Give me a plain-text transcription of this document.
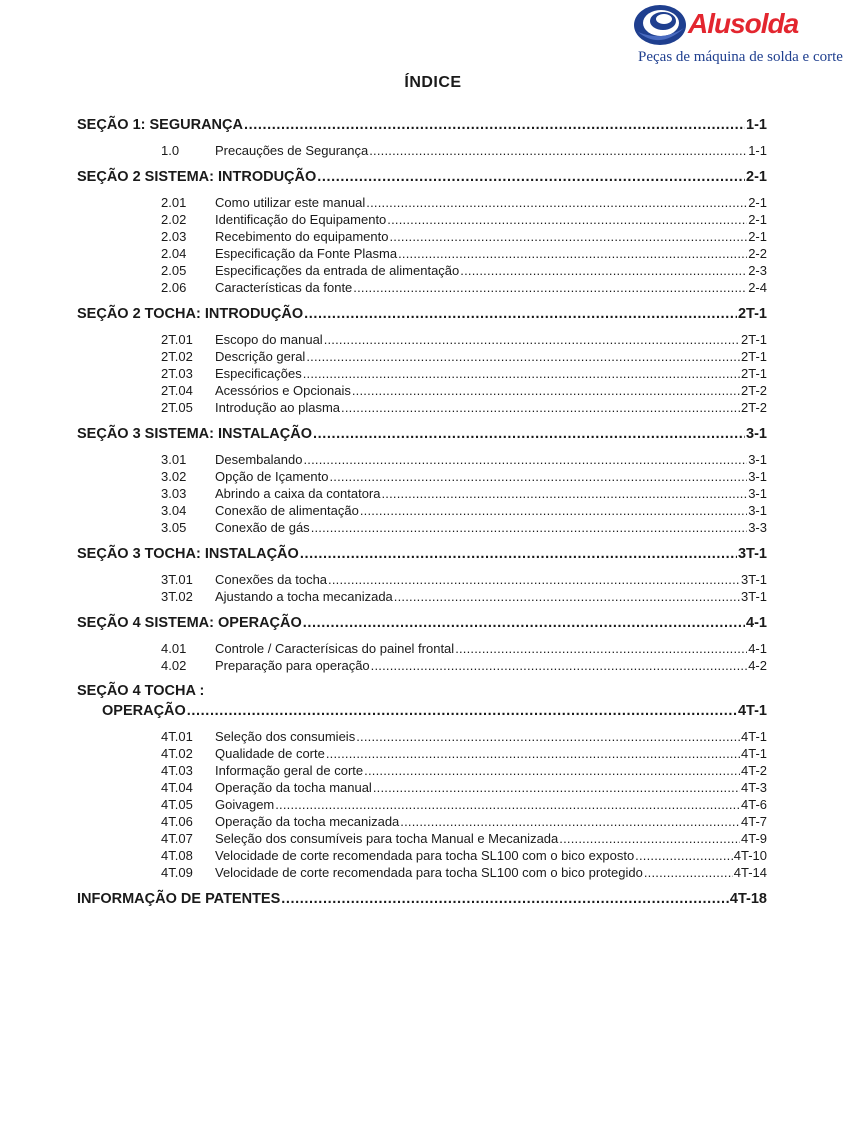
Alusolda
Peças de máquina de solda e corte
ÍNDICE
SEÇÃO 1: SEGURANÇA .....	1-1
1.0	Precauções de Segurança .....	1-1
SEÇÃO 2 SISTEMA: INTRODUÇÃO .....	2-1
2.01	Como utilizar este manual .....	2-1
2.02	Identificação do Equipamento .....	2-1
2.03	Recebimento do equipamento .....	2-1
2.04	Especificação da Fonte Plasma .....	2-2
2.05	Especificações da entrada de alimentação .....	2-3
2.06	Características da fonte .....	2-4
SEÇÃO 2 TOCHA: INTRODUÇÃO .....	2T-1
2T.01	Escopo do manual .....	2T-1
2T.02	Descrição geral .....	2T-1
2T.03	Especificações .....	2T-1
2T.04	Acessórios e Opcionais .....	2T-2
2T.05	Introdução ao plasma .....	2T-2
SEÇÃO 3 SISTEMA: INSTALAÇÃO .....	3-1
3.01	Desembalando .....	3-1
3.02	Opção de Içamento .....	3-1
3.03	Abrindo a caixa da contatora .....	3-1
3.04	Conexão de alimentação .....	3-1
3.05	Conexão de gás .....	3-3
SEÇÃO 3 TOCHA: INSTALAÇÃO .....	3T-1
3T.01	Conexões da tocha .....	3T-1
3T.02	Ajustando a tocha mecanizada .....	3T-1
SEÇÃO 4 SISTEMA: OPERAÇÃO .....	4-1
4.01	Controle / Caracterísicas do painel frontal .....	4-1
4.02	Preparação para operação .....	4-2
SEÇÃO 4 TOCHA :
OPERAÇÃO .....	4T-1
4T.01	Seleção dos consumieis .....	4T-1
4T.02	Qualidade de corte .....	4T-1
4T.03	Informação geral de corte .....	4T-2
4T.04	Operação da tocha manual .....	4T-3
4T.05	Goivagem .....	4T-6
4T.06	Operação da tocha mecanizada .....	4T-7
4T.07	Seleção dos consumíveis para tocha Manual e Mecanizada .....	4T-9
4T.08	Velocidade de corte recomendada para tocha SL100 com o bico exposto .....	4T-10
4T.09	Velocidade de corte recomendada para tocha SL100 com o bico protegido .....	4T-14
INFORMAÇÃO DE PATENTES .....	4T-18
